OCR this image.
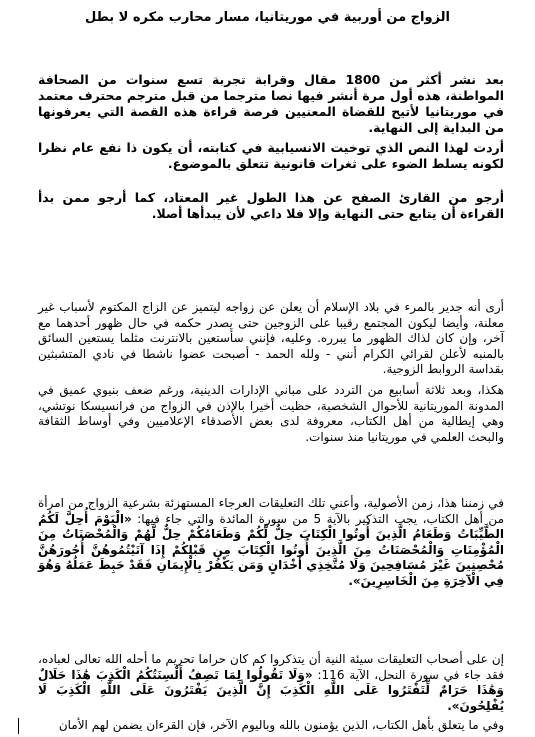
الزواج من أوربية في موريتانيا، مسار محارب مكره لا بطل

بعد نشر أكثر من 1800 مقال وقرابة تجربة تسع سنوات من الصحافة المواطنة، هذه أول مرة أنشر فيها نصا مترجما من قبل مترجم محترف معتمد في موريتانيا لأتيح للقضاة المعنيين فرصة قراءة هذه القصة التي يعرفونها من البداية إلى النهاية.

أردت لهذا النص الذي توخيت الانسيابية في كتابته، أن يكون ذا نفع عام نظرا لكونه يسلط الضوء على ثغرات قانونية تتعلق بالموضوع.

أرجو من القارئ الصفح عن هذا الطول غير المعتاد، كما أرجو ممن بدأ القراءة أن يتابع حتى النهاية وإلا فلا داعي لأن يبدأها أصلا.

أرى أنه جدير بالمرء في بلاد الإسلام أن يعلن عن زواجه ليتميز عن الزاج المكتوم لأسباب غير معلنة، وأيضا ليكون المجتمع رقيبا على الزوجين حتى يصدر حكمه في حال ظهور أحدهما مع آخر، وإن كان لذاك الظهور ما يبرره. وعليه، فإنني سأستعين بالانترنت مثلما يستعين السائق بالمنبه لأعلن لقرائي الكرام أنني - ولله الحمد - أصبحت عضوا ناشطا في نادي المتشبثين بقداسة الروابط الزوجية.

هكذا، وبعد ثلاثة أسابيع من التردد على مباني الإدارات الدينية، ورغم ضعف بنيوي عميق في المدونة الموريتانية للأحوال الشخصية، حظيت أخيرا بالإذن في الزواج من فرانسيسكا نوتشي، وهي إيطالية من أهل الكتاب، معروفة لدى بعض الأصدقاء الإعلاميين وفي أوساط الثقافة والبحث العلمي في موريتانيا منذ سنوات.

في زمننا هذا، زمن الأصولية، وأعني تلك التعليقات العرجاء المستهزئة بشرعية الزواج من امرأة من أهل الكتاب، يجب التذكير بالآية 5 من سورة المائدة والتي جاء فيها: «الْيَوْمَ أُحِلَّ لَكُمُ الطَّيِّبَاتُ وَطَعَامُ الَّذِينَ أُوتُوا الْكِتَابَ حِلٌّ لَّكُمْ وَطَعَامُكُمْ حِلٌّ لَّهُمْ وَالْمُحْصَنَاتُ مِنَ الْمُؤْمِنَاتِ وَالْمُحْصَنَاتُ مِنَ الَّذِينَ أُوتُوا الْكِتَابَ مِن قَبْلِكُمْ إِذَا آتَيْتُمُوهُنَّ أُجُورَهُنَّ مُحْصِنِينَ غَيْرَ مُسَافِحِينَ وَلَا مُتَّخِذِي أَخْدَانٍ وَمَن يَكْفُرْ بِالْإِيمَانِ فَقَدْ حَبِطَ عَمَلُهُ وَهُوَ فِي الْآخِرَةِ مِنَ الْخَاسِرِينَ».

إن على أصحاب التعليقات سيئة النية أن يتذكروا كم كان حراما تحريم ما أحله الله تعالى لعباده، فقد جاء في سورة النحل، الآية 116: «وَلَا تَقُولُوا لِمَا تَصِفُ أَلْسِنَتُكُمُ الْكَذِبَ هَٰذَا حَلَالٌ وَهَٰذَا حَرَامٌ لِّتَفْتَرُوا عَلَى اللَّهِ الْكَذِبَ إِنَّ الَّذِينَ يَفْتَرُونَ عَلَى اللَّهِ الْكَذِبَ لَا يُفْلِحُونَ».

وفي ما يتعلق بأهل الكتاب، الذين يؤمنون بالله وباليوم الآخر، فإن القرءان يضمن لهم الأمان
